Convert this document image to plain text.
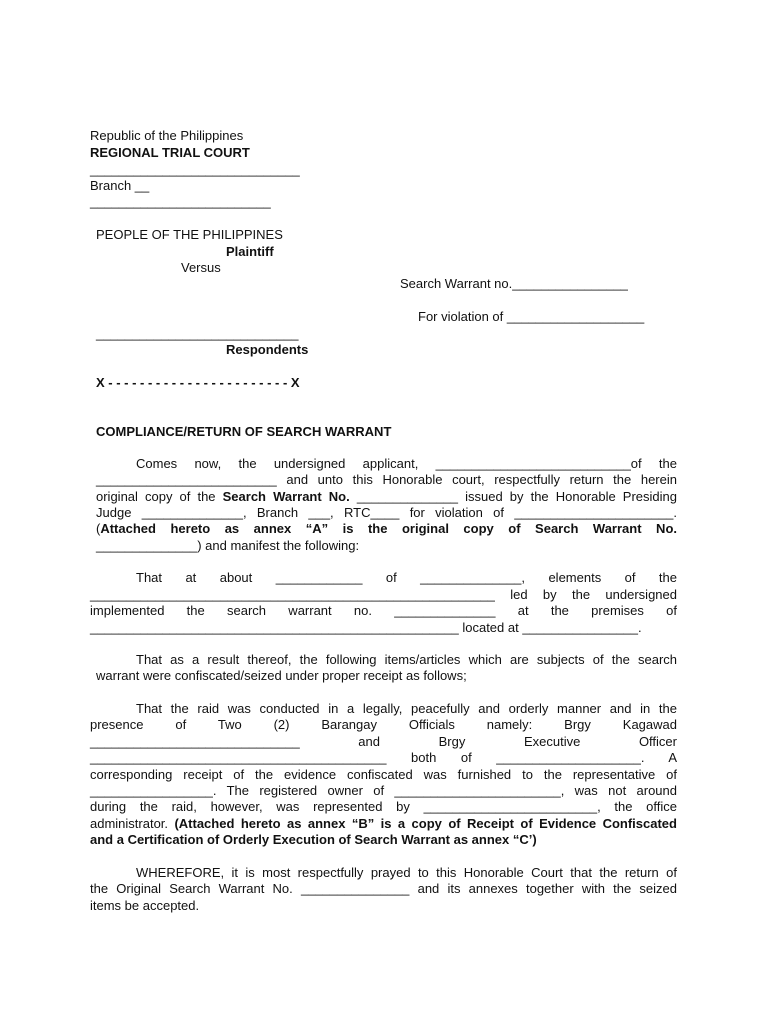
Republic of the Philippines
REGIONAL TRIAL COURT
_____________________________
Branch __
_________________________
PEOPLE OF THE PHILIPPINES
Plaintiff
Versus
Search Warrant no.________________
For violation of ___________________
____________________________
Respondents
X - - - - - - - - - - - - - - - - - - - - - - - X
COMPLIANCE/RETURN OF SEARCH WARRANT
Comes now, the undersigned applicant, ___________________________of the
_________________________ and unto this Honorable court, respectfully return the herein
original copy of the Search Warrant No. ______________ issued by the Honorable Presiding
Judge ______________, Branch ___, RTC____ for violation of ______________________.
(Attached hereto as annex “A” is the original copy of Search Warrant No.
______________) and manifest the following:
That at about ____________ of ______________, elements of the
________________________________________________________ led by the undersigned
implemented the search warrant no. ______________ at the premises of
___________________________________________________ located at ________________.
That as a result thereof, the following items/articles which are subjects of the search
warrant were confiscated/seized under proper receipt as follows;
That the raid was conducted in a legally, peacefully and orderly manner and in the
presence of Two (2) Barangay Officials namely: Brgy Kagawad
_____________________________ and Brgy Executive Officer
_________________________________________ both of ____________________. A
corresponding receipt of the evidence confiscated was furnished to the representative of
_________________. The registered owner of _______________________, was not around
during the raid, however, was represented by ________________________, the office
administrator. (Attached hereto as annex “B” is a copy of Receipt of Evidence Confiscated
and a Certification of Orderly Execution of Search Warrant as annex “C’)
WHEREFORE, it is most respectfully prayed to this Honorable Court that the return of
the Original Search Warrant No. _______________ and its annexes together with the seized
items be accepted.
